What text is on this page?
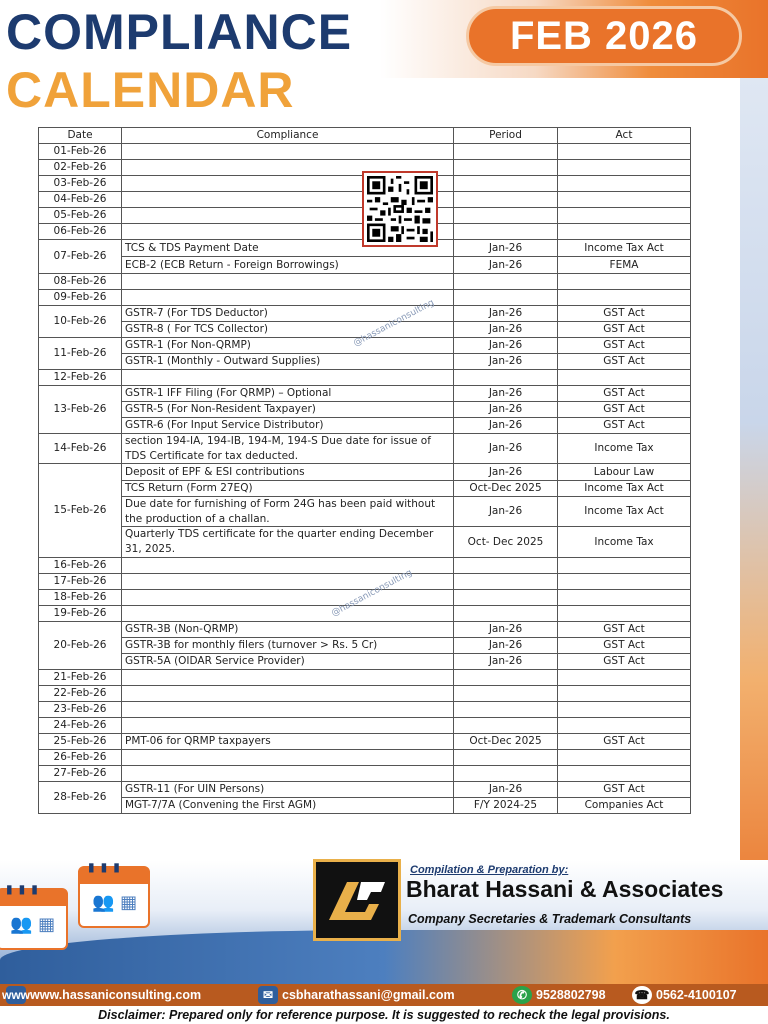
COMPLIANCE
CALENDAR
FEB 2026
Date	Compliance	Period	Act
01-Feb-26			
02-Feb-26			
03-Feb-26			
04-Feb-26			
05-Feb-26			
06-Feb-26			
07-Feb-26	TCS & TDS Payment Date	Jan-26	Income Tax Act
	ECB-2 (ECB Return - Foreign Borrowings)	Jan-26	FEMA
08-Feb-26			
09-Feb-26			
10-Feb-26	GSTR-7 (For TDS Deductor)	Jan-26	GST Act
	GSTR-8 ( For TCS Collector)	Jan-26	GST Act
11-Feb-26	GSTR-1 (For Non-QRMP)	Jan-26	GST Act
	GSTR-1 (Monthly - Outward Supplies)	Jan-26	GST Act
12-Feb-26			
13-Feb-26	GSTR-1 IFF Filing (For QRMP) – Optional	Jan-26	GST Act
	GSTR-5 (For Non-Resident Taxpayer)	Jan-26	GST Act
	GSTR-6 (For Input Service Distributor)	Jan-26	GST Act
14-Feb-26	section 194-IA, 194-IB, 194-M, 194-S Due date for issue of TDS Certificate for tax deducted.	Jan-26	Income Tax
15-Feb-26	Deposit of EPF & ESI contributions	Jan-26	Labour Law
	TCS Return (Form 27EQ)	Oct-Dec 2025	Income Tax Act
	Due date for furnishing of Form 24G has been paid without the production of a challan.	Jan-26	Income Tax Act
	Quarterly TDS certificate for the quarter ending December 31, 2025.	Oct- Dec 2025	Income Tax
16-Feb-26			
17-Feb-26			
18-Feb-26			
19-Feb-26			
20-Feb-26	GSTR-3B (Non-QRMP)	Jan-26	GST Act
	GSTR-3B for monthly filers (turnover > Rs. 5 Cr)	Jan-26	GST Act
	GSTR-5A (OIDAR Service Provider)	Jan-26	GST Act
21-Feb-26			
22-Feb-26			
23-Feb-26			
24-Feb-26			
25-Feb-26	PMT-06 for QRMP taxpayers	Oct-Dec 2025	GST Act
26-Feb-26			
27-Feb-26			
28-Feb-26	GSTR-11 (For UIN Persons)	Jan-26	GST Act
	MGT-7/7A (Convening the First AGM)	F/Y 2024-25	Companies Act
@hassaniconsulting
@hassaniconsulting
▮▮▮
👥 ▦
▮▮▮
👥 ▦
Compilation & Preparation by:
Bharat Hassani & Associates
Company Secretaries & Trademark Consultants
www www.hassaniconsulting.com	✉ csbharathassani@gmail.com	✆ 9528802798 ☎ 0562-4100107
Disclaimer: Prepared only for reference purpose. It is suggested to recheck the legal provisions.
